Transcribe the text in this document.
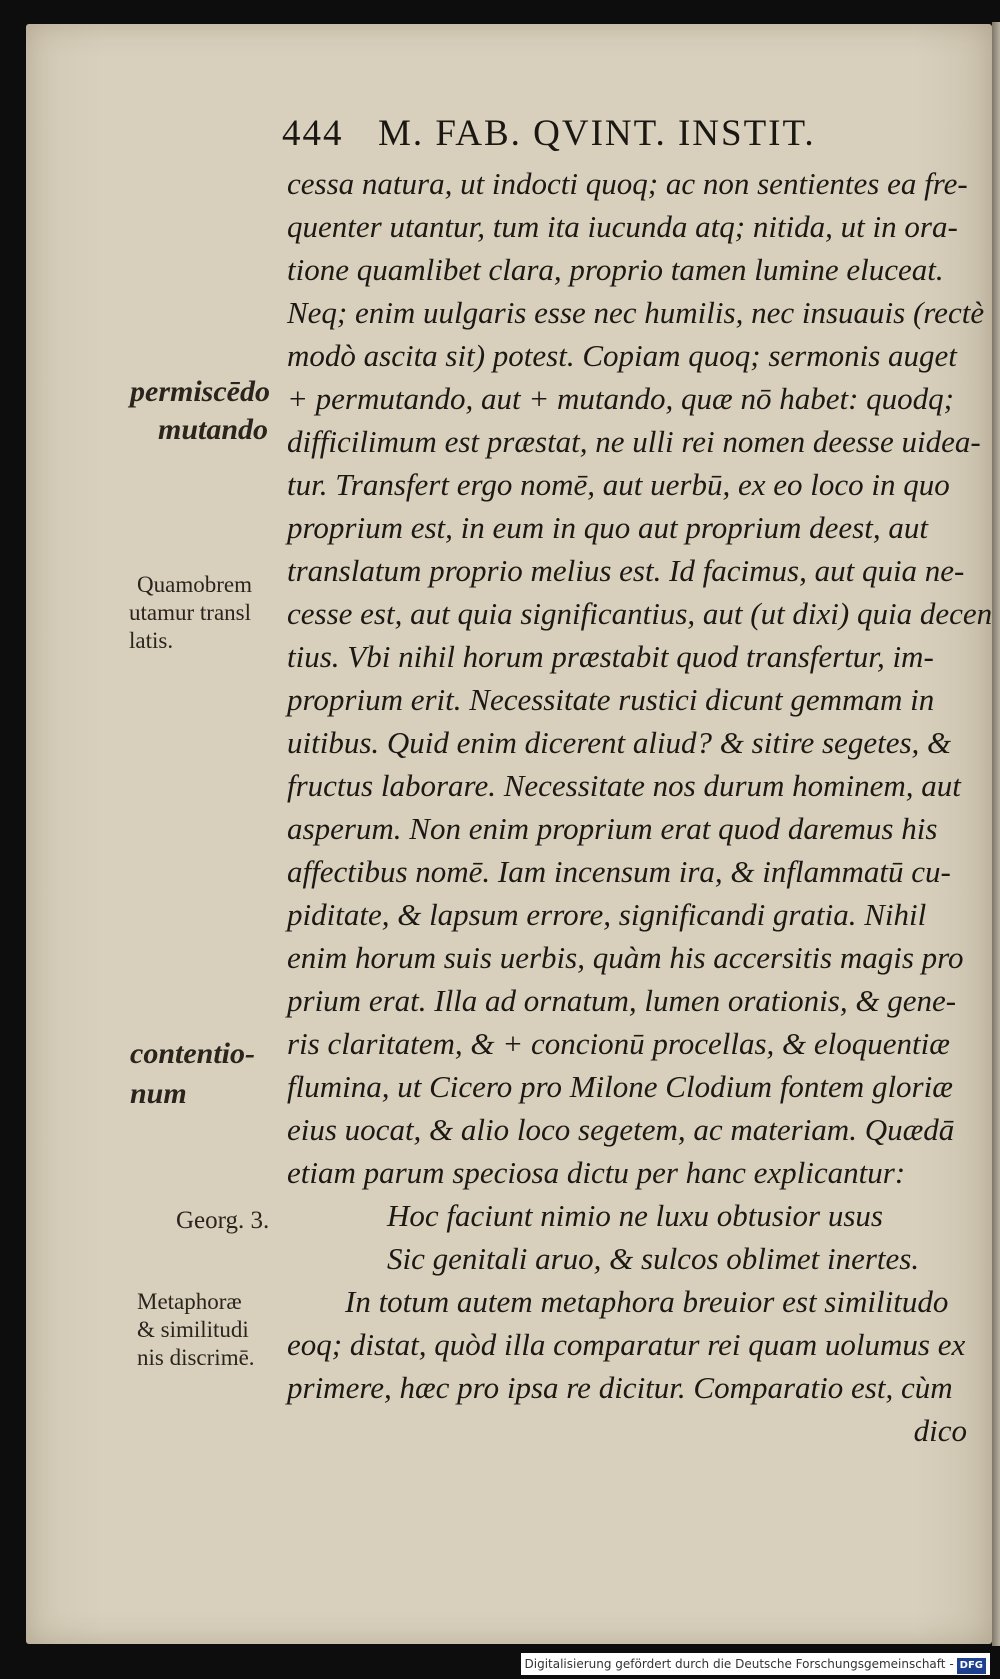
444 M. FAB. QVINT. INSTIT.
cessa natura, ut indocti quoq; ac non sentientes ea fre-
quenter utantur, tum ita iucunda atq; nitida, ut in ora-
tione quamlibet clara, proprio tamen lumine eluceat.
Neq; enim uulgaris esse nec humilis, nec insuauis (rectè
modò ascita sit) potest. Copiam quoq; sermonis auget
+ permutando, aut + mutando, quæ nō habet: quodq;
difficilimum est præstat, ne ulli rei nomen deesse uidea-
tur. Transfert ergo nomē, aut uerbū, ex eo loco in quo
proprium est, in eum in quo aut proprium deest, aut
translatum proprio melius est. Id facimus, aut quia ne-
cesse est, aut quia significantius, aut (ut dixi) quia decen
tius. Vbi nihil horum præstabit quod transfertur, im-
proprium erit. Necessitate rustici dicunt gemmam in
uitibus. Quid enim dicerent aliud? & sitire segetes, &
fructus laborare. Necessitate nos durum hominem, aut
asperum. Non enim proprium erat quod daremus his
affectibus nomē. Iam incensum ira, & inflammatū cu-
piditate, & lapsum errore, significandi gratia. Nihil
enim horum suis uerbis, quàm his accersitis magis pro
prium erat. Illa ad ornatum, lumen orationis, & gene-
ris claritatem, & + concionū procellas, & eloquentiæ
flumina, ut Cicero pro Milone Clodium fontem gloriæ
eius uocat, & alio loco segetem, ac materiam. Quædā
etiam parum speciosa dictu per hanc explicantur:
Hoc faciunt nimio ne luxu obtusior usus
Sic genitali aruo, & sulcos oblimet inertes.
In totum autem metaphora breuior est similitudo
eoq; distat, quòd illa comparatur rei quam uolumus ex
primere, hæc pro ipsa re dicitur. Comparatio est, cùm
dico
permiscēdo
mutando
Quamobrem
utamur transl
latis.
contentio-
num
Georg. 3.
Metaphoræ
& similitudi
nis discrimē.
Digitalisierung gefördert durch die Deutsche Forschungsgemeinschaft - DFG
